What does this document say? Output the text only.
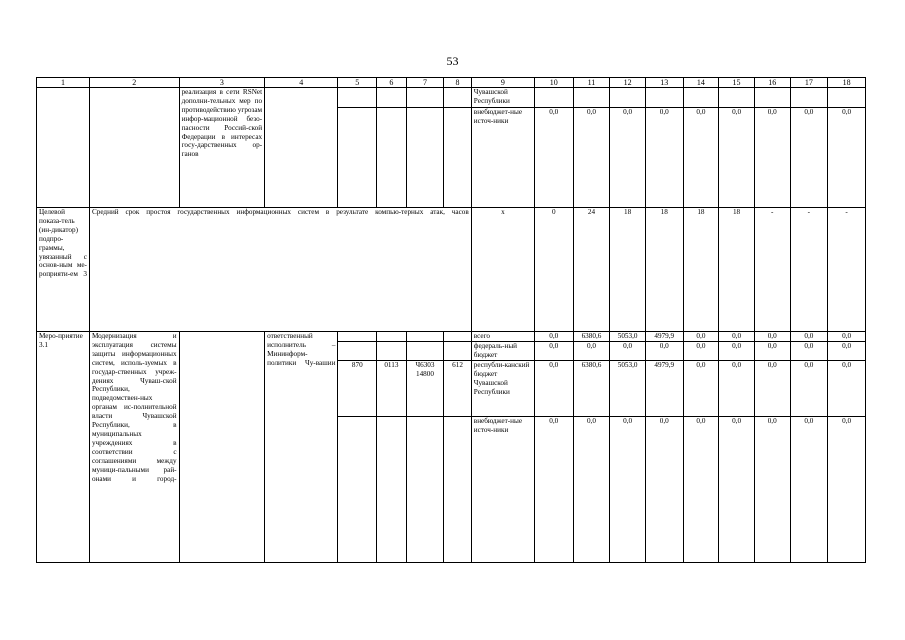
53
1	2	3	4	5	6	7	8	9	10	11	12	13	14	15	16	17	18
		реализация в сети RSNet дополни-тельных мер по противодействию угрозам инфор-мационной безо-пасности Россий-ской Федерации в интересах госу-дарственных ор-ганов						Чувашской Республики									
								внебюджет-ные источ-ники	0,0	0,0	0,0	0,0	0,0	0,0	0,0	0,0	0,0
Целевой показа-тель (ин-дикатор) подпро-граммы, увязанный с основ-ным ме-роприяти-ем 3	Средний срок простоя государственных информационных систем в результате компью-терных атак, часов							х	0	24	18	18	18	18	-	-	-
Меро-приятие 3.1	Модернизация и эксплуатация системы защиты информационных систем, исполь-зуемых в государ-ственных учреж-дениях Чуваш-ской Республики, подведомствен-ных органам ис-полнительной власти Чувашской Республики, в муниципальных учреждениях в соответствии с соглашениями между муници-пальными рай-онами и город-		ответственный исполнитель – Мининформ-политики Чу-вашии					всего	0,0	6380,6	5053,0	4979,9	0,0	0,0	0,0	0,0	0,0
								федераль-ный бюджет	0,0	0,0	0,0	0,0	0,0	0,0	0,0	0,0	0,0
				870	0113	Ч6303 14800	612	республи-канский бюджет Чувашской Республики	0,0	6380,6	5053,0	4979,9	0,0	0,0	0,0	0,0	0,0
								внебюджет-ные источ-ники	0,0	0,0	0,0	0,0	0,0	0,0	0,0	0,0	0,0
